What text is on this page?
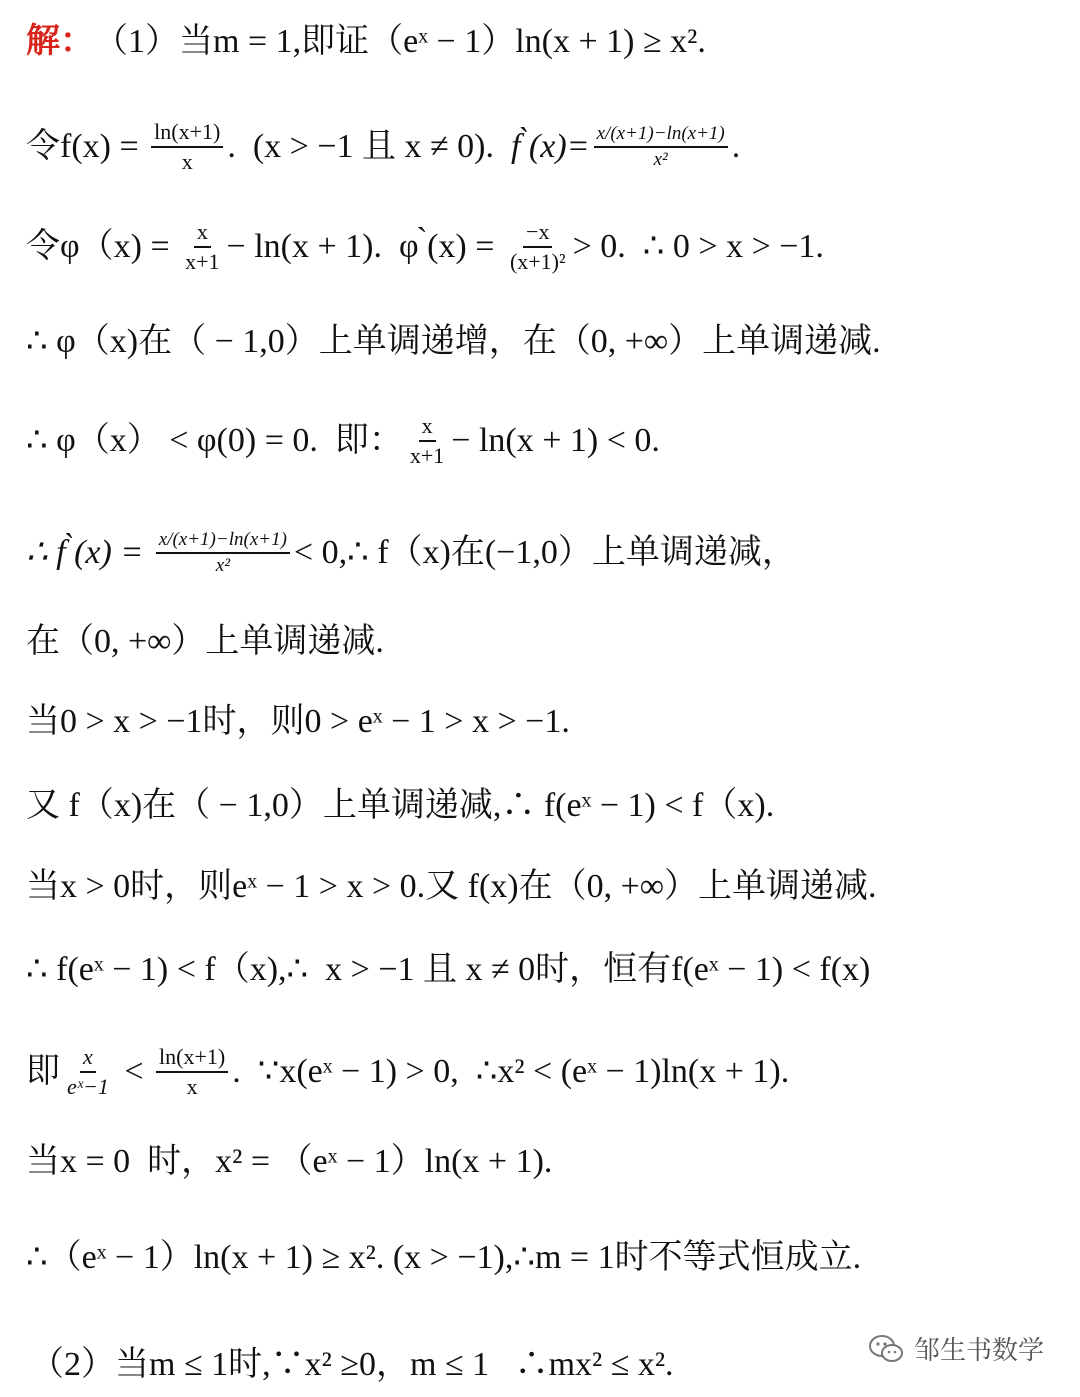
解： （1）当m = 1,即证（eˣ − 1）ln(x + 1) ≥ x².
令$f(x) = \frac{\ln(x+1)}{x}$ .  (x > −1 且 x ≠ 0). f ̀(x)= $\frac{x/(x+1)-\ln(x+1)}{\text{x²}}$ .
令$\varphi(x) = \frac{x}{x+1} - \ln(x + 1)$.  φ ̀(x) = $\frac{-x}{\text{(x+1)²}} > 0$.  ∴ 0 > x > −1.
∴ φ（x)在（ − 1,0）上单调递增，在（0, +∞）上单调递减.
∴ φ（x） < φ(0) = 0.  即： $\frac{x}{x+1} - \ln(x + 1) < 0$.
∴ f ̀(x) = $\frac{x/(x+1)-\ln(x+1)}{\text{x²}}$ < 0,∴ f（x)在(−1,0）上单调递减，
在（0, +∞）上单调递减.
当0 > x > −1时，则0 > eˣ − 1 > x > −1.
又 f（x)在（ − 1,0）上单调递减,∴ f(eˣ − 1) < f（x).
当x > 0时，则eˣ − 1 > x > 0.又 f(x)在（0, +∞）上单调递减.
∴ f(eˣ − 1) < f（x),∴  x > −1 且 x ≠ 0时，恒有f(eˣ − 1) < f(x)
即 $\frac{x}{\text{eˣ−1}} < \frac{\ln(x+1)}{x}$ .  ∵x(eˣ − 1) > 0,  ∴x² < (eˣ − 1)ln(x + 1).
当x = 0  时，x² = （eˣ − 1）ln(x + 1).
∴（eˣ − 1）ln(x + 1) ≥ x². (x > −1),∴m = 1时不等式恒成立.
（2）当m ≤ 1时,∵x² ≥0，m ≤ 1   ∴mx² ≤ x².	邹生书数学
